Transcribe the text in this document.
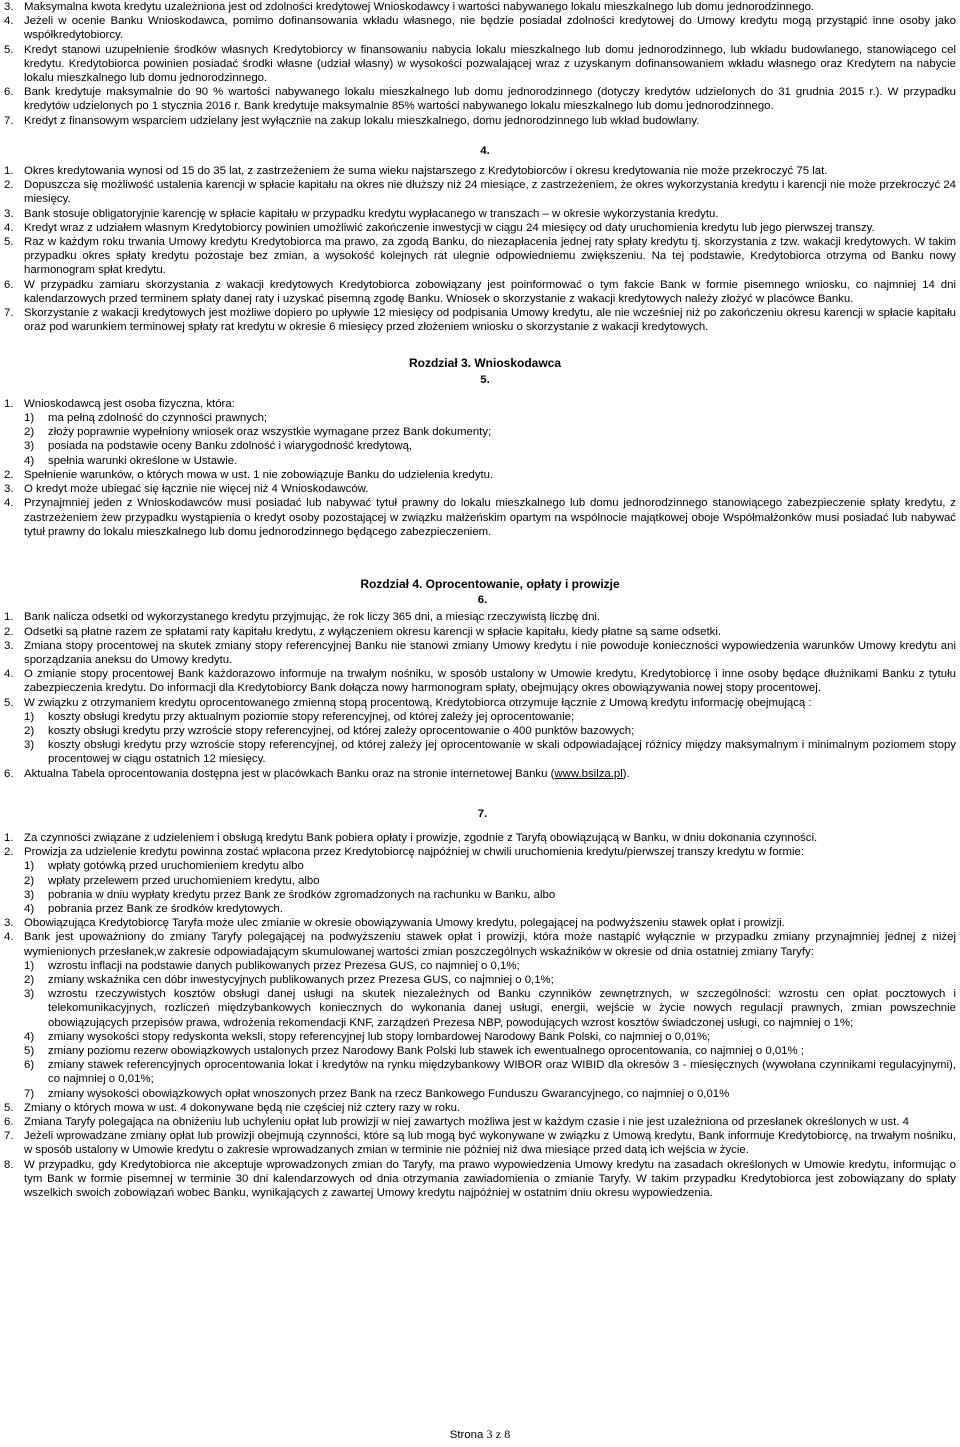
3. Maksymalna kwota kredytu uzależniona jest od zdolności kredytowej Wnioskodawcy i wartości nabywanego lokalu mieszkalnego lub domu jednorodzinnego.
4. Jeżeli w ocenie Banku Wnioskodawca, pomimo dofinansowania wkładu własnego, nie będzie posiadał zdolności kredytowej do Umowy kredytu mogą przystąpić inne osoby jako współkredytobiorcy.
5. Kredyt stanowi uzupełnienie środków własnych Kredytobiorcy w finansowaniu nabycia lokalu mieszkalnego lub domu jednorodzinnego, lub wkładu budowlanego, stanowiącego cel kredytu. Kredytobiorca powinien posiadać środki własne (udział własny) w wysokości pozwalającej wraz z uzyskanym dofinansowaniem wkładu własnego oraz Kredytem na nabycie lokalu mieszkalnego lub domu jednorodzinnego.
6. Bank kredytuje maksymalnie do 90 % wartości nabywanego lokalu mieszkalnego lub domu jednorodzinnego (dotyczy kredytów udzielonych do 31 grudnia 2015 r.). W przypadku kredytów udzielonych po 1 stycznia 2016 r. Bank kredytuje maksymalnie 85% wartości nabywanego lokalu mieszkalnego lub domu jednorodzinnego.
7. Kredyt z finansowym wsparciem udzielany jest wyłącznie na zakup lokalu mieszkalnego, domu jednorodzinnego lub wkład budowlany.
4.
1. Okres kredytowania wynosi od 15 do 35 lat, z zastrzeżeniem że suma wieku najstarszego z Kredytobiorców i okresu kredytowania nie może przekroczyć 75 lat.
2. Dopuszcza się możliwość ustalenia karencji w spłacie kapitału na okres nie dłuższy niż 24 miesiące, z zastrzeżeniem, że okres wykorzystania kredytu i karencji nie może przekroczyć 24 miesięcy.
3. Bank stosuje obligatoryjnie karencję w spłacie kapitału w przypadku kredytu wypłacanego w transzach – w okresie wykorzystania kredytu.
4. Kredyt wraz z udziałem własnym Kredytobiorcy powinien umożliwić zakończenie inwestycji w ciągu 24 miesięcy od daty uruchomienia kredytu lub jego pierwszej transzy.
5. Raz w każdym roku trwania Umowy kredytu Kredytobiorca ma prawo, za zgodą Banku, do niezapłacenia jednej raty spłaty kredytu tj. skorzystania z tzw. wakacji kredytowych. W takim przypadku okres spłaty kredytu pozostaje bez zmian, a wysokość kolejnych rat ulegnie odpowiedniemu zwiększeniu. Na tej podstawie, Kredytobiorca otrzyma od Banku nowy harmonogram spłat kredytu.
6. W przypadku zamiaru skorzystania z wakacji kredytowych Kredytobiorca zobowiązany jest poinformować o tym fakcie Bank w formie pisemnego wniosku, co najmniej 14 dni kalendarzowych przed terminem spłaty danej raty i uzyskać pisemną zgodę Banku. Wniosek o skorzystanie z wakacji kredytowych należy złożyć w placówce Banku.
7. Skorzystanie z wakacji kredytowych jest możliwe dopiero po upływie 12 miesięcy od podpisania Umowy kredytu, ale nie wcześniej niż po zakończeniu okresu karencji w spłacie kapitału oraz pod warunkiem terminowej spłaty rat kredytu w okresie 6 miesięcy przed złożeniem wniosku o skorzystanie z wakacji kredytowych.
Rozdział 3. Wnioskodawca
5.
1. Wnioskodawcą jest osoba fizyczna, która:
1) ma pełną zdolność do czynności prawnych;
2) złoży poprawnie wypełniony wniosek oraz wszystkie wymagane przez Bank dokumenty;
3) posiada na podstawie oceny Banku zdolność i wiarygodność kredytową,
4) spełnia warunki określone w Ustawie.
2. Spełnienie warunków, o których mowa w ust. 1 nie zobowiązuje Banku do udzielenia kredytu.
3. O kredyt może ubiegać się łącznie nie więcej niż 4 Wnioskodawców.
4. Przynajmniej jeden z Wnioskodawców musi posiadać lub nabywać tytuł prawny do lokalu mieszkalnego lub domu jednorodzinnego stanowiącego zabezpieczenie spłaty kredytu, z zastrzeżeniem żew przypadku wystąpienia o kredyt osoby pozostającej w związku małżeńskim opartym na wspólnocie majątkowej oboje Współmałżonków musi posiadać lub nabywać tytuł prawny do lokalu mieszkalnego lub domu jednorodzinnego będącego zabezpieczeniem.
Rozdział 4. Oprocentowanie, opłaty i prowizje
6.
1. Bank nalicza odsetki od wykorzystanego kredytu przyjmując, że rok liczy 365 dni, a miesiąc rzeczywistą liczbę dni.
2. Odsetki są płatne razem ze spłatami raty kapitału kredytu, z wyłączeniem okresu karencji w spłacie kapitału, kiedy płatne są same odsetki.
3. Zmiana stopy procentowej na skutek zmiany stopy referencyjnej Banku nie stanowi zmiany Umowy kredytu i nie powoduje konieczności wypowiedzenia warunków Umowy kredytu ani sporządzania aneksu do Umowy kredytu.
4. O zmianie stopy procentowej Bank każdorazowo informuje na trwałym nośniku, w sposób ustalony w Umowie kredytu, Kredytobiorcę i inne osoby będące dłużnikami Banku z tytułu zabezpieczenia kredytu. Do informacji dla Kredytobiorcy Bank dołącza nowy harmonogram spłaty, obejmujący okres obowiązywania nowej stopy procentowej.
5. W związku z otrzymaniem kredytu oprocentowanego zmienną stopą procentową, Kredytobiorca otrzymuje łącznie z Umową kredytu informację obejmującą :
1) koszty obsługi kredytu przy aktualnym poziomie stopy referencyjnej, od której zależy jej oprocentowanie;
2) koszty obsługi kredytu przy wzroście stopy referencyjnej, od której zależy oprocentowanie o 400 punktów bazowych;
3) koszty obsługi kredytu przy wzroście stopy referencyjnej, od której zależy jej oprocentowanie w skali odpowiadającej różnicy między maksymalnym i minimalnym poziomem stopy procentowej w ciągu ostatnich 12 miesięcy.
6. Aktualna Tabela oprocentowania dostępna jest w placówkach Banku oraz na stronie internetowej Banku (www.bsilza.pl).
7.
1. Za czynności związane z udzieleniem i obsługą kredytu Bank pobiera opłaty i prowizje, zgodnie z Taryfą obowiązującą w Banku, w dniu dokonania czynności.
2. Prowizja za udzielenie kredytu powinna zostać wpłacona przez Kredytobiorcę najpóźniej w chwili uruchomienia kredytu/pierwszej transzy kredytu w formie:
1) wpłaty gotówką przed uruchomieniem kredytu albo
2) wpłaty przelewem przed uruchomieniem kredytu, albo
3) pobrania w dniu wypłaty kredytu przez Bank ze środków zgromadzonych na rachunku w Banku, albo
4) pobrania przez Bank ze środków kredytowych.
3. Obowiązująca Kredytobiorcę Taryfa może ulec zmianie w okresie obowiązywania Umowy kredytu, polegającej na podwyższeniu stawek opłat i prowizji.
4. Bank jest upoważniony do zmiany Taryfy polegającej na podwyższeniu stawek opłat i prowizji, która może nastąpić wyłącznie w przypadku zmiany przynajmniej jednej z niżej wymienionych przesłanek,w zakresie odpowiadającym skumulowanej wartości zmian poszczególnych wskaźników w okresie od dnia ostatniej zmiany Taryfy:
1) wzrostu inflacji na podstawie danych publikowanych przez Prezesa GUS, co najmniej o 0,1%;
2) zmiany wskaźnika cen dóbr inwestycyjnych publikowanych przez Prezesa GUS, co najmniej o 0,1%;
3) wzrostu rzeczywistych kosztów obsługi danej usługi na skutek niezależnych od Banku czynników zewnętrznych, w szczególności: wzrostu cen opłat pocztowych i telekomunikacyjnych, rozliczeń międzybankowych koniecznych do wykonania danej usługi, energii, wejście w życie nowych regulacji prawnych, zmian powszechnie obowiązujących przepisów prawa, wdrożenia rekomendacji KNF, zarządzeń Prezesa NBP, powodujących wzrost kosztów świadczonej usługi, co najmniej o 1%;
4) zmiany wysokości stopy redyskonta weksli, stopy referencyjnej lub stopy lombardowej Narodowy Bank Polski, co najmniej o 0,01%;
5) zmiany poziomu rezerw obowiązkowych ustalonych przez Narodowy Bank Polski lub stawek ich ewentualnego oprocentowania, co najmniej o 0,01% ;
6) zmiany stawek referencyjnych oprocentowania lokat i kredytów na rynku międzybankowy WIBOR oraz WIBID dla okresów 3 - miesięcznych (wywołana czynnikami regulacyjnymi), co najmniej o 0,01%;
7) zmiany wysokości obowiązkowych opłat wnoszonych przez Bank na rzecz Bankowego Funduszu Gwarancyjnego, co najmniej o 0,01%
5. Zmiany o których mowa w ust. 4 dokonywane będą nie częściej niż cztery razy w roku.
6. Zmiana Taryfy polegająca na obniżeniu lub uchyleniu opłat lub prowizji w niej zawartych możliwa jest w każdym czasie i nie jest uzależniona od przesłanek określonych w ust. 4
7. Jeżeli wprowadzane zmiany opłat lub prowizji obejmują czynności, które są lub mogą być wykonywane w związku z Umową kredytu, Bank informuje Kredytobiorcę, na trwałym nośniku, w sposób ustalony w Umowie kredytu o zakresie wprowadzanych zmian w terminie nie później niż dwa miesiące przed datą ich wejścia w życie.
8. W przypadku, gdy Kredytobiorca nie akceptuje wprowadzonych zmian do Taryfy, ma prawo wypowiedzenia Umowy kredytu na zasadach określonych w Umowie kredytu, informując o tym Bank w formie pisemnej w terminie 30 dni kalendarzowych od dnia otrzymania zawiadomienia o zmianie Taryfy. W takim przypadku Kredytobiorca jest zobowiązany do spłaty wszelkich swoich zobowiązań wobec Banku, wynikających z zawartej Umowy kredytu najpóźniej w ostatnim dniu okresu wypowiedzenia.
Strona 3 z 8
